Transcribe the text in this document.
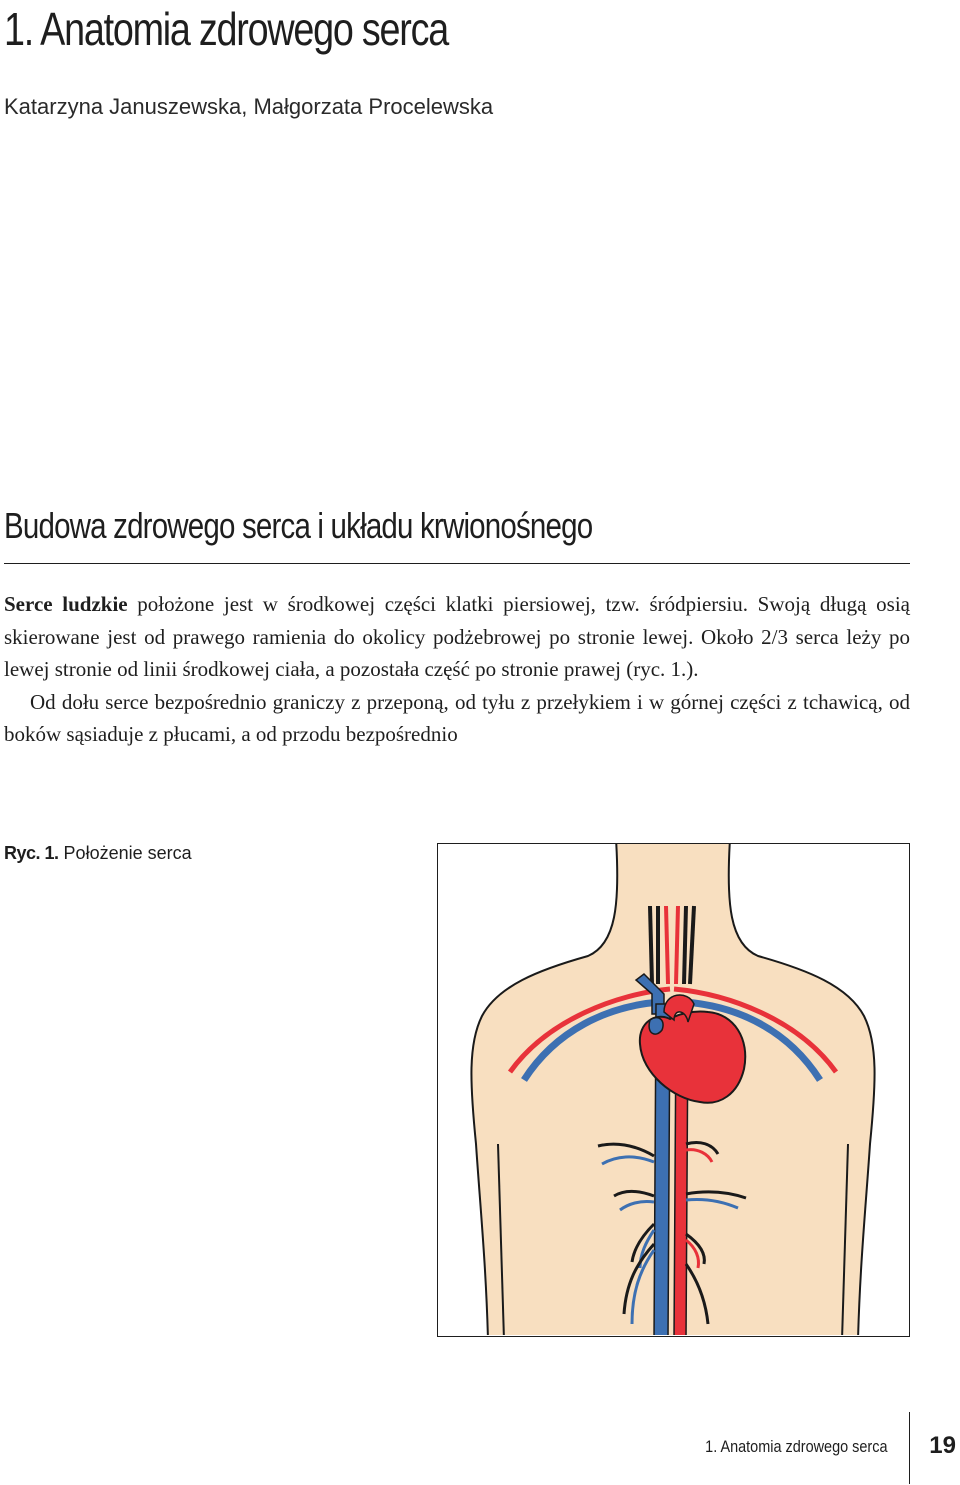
1. Anatomia zdrowego serca
Katarzyna Januszewska, Małgorzata Procelewska
Budowa zdrowego serca i układu krwionośnego

Serce ludzkie położone jest w środkowej części klatki piersiowej, tzw. śródpiersiu. Swoją długą osią skierowane jest od prawego ramienia do okolicy podżebrowej po stronie lewej. Około 2/3 serca leży po lewej stronie od linii środkowej ciała, a pozostała część po stronie prawej (ryc. 1.).

Od dołu serce bezpośrednio graniczy z przeponą, od tyłu z przełykiem i w górnej części z tchawicą, od boków sąsiaduje z płucami, a od przodu bezpośrednio

Ryc. 1. Położenie serca
1. Anatomia zdrowego serca 19
